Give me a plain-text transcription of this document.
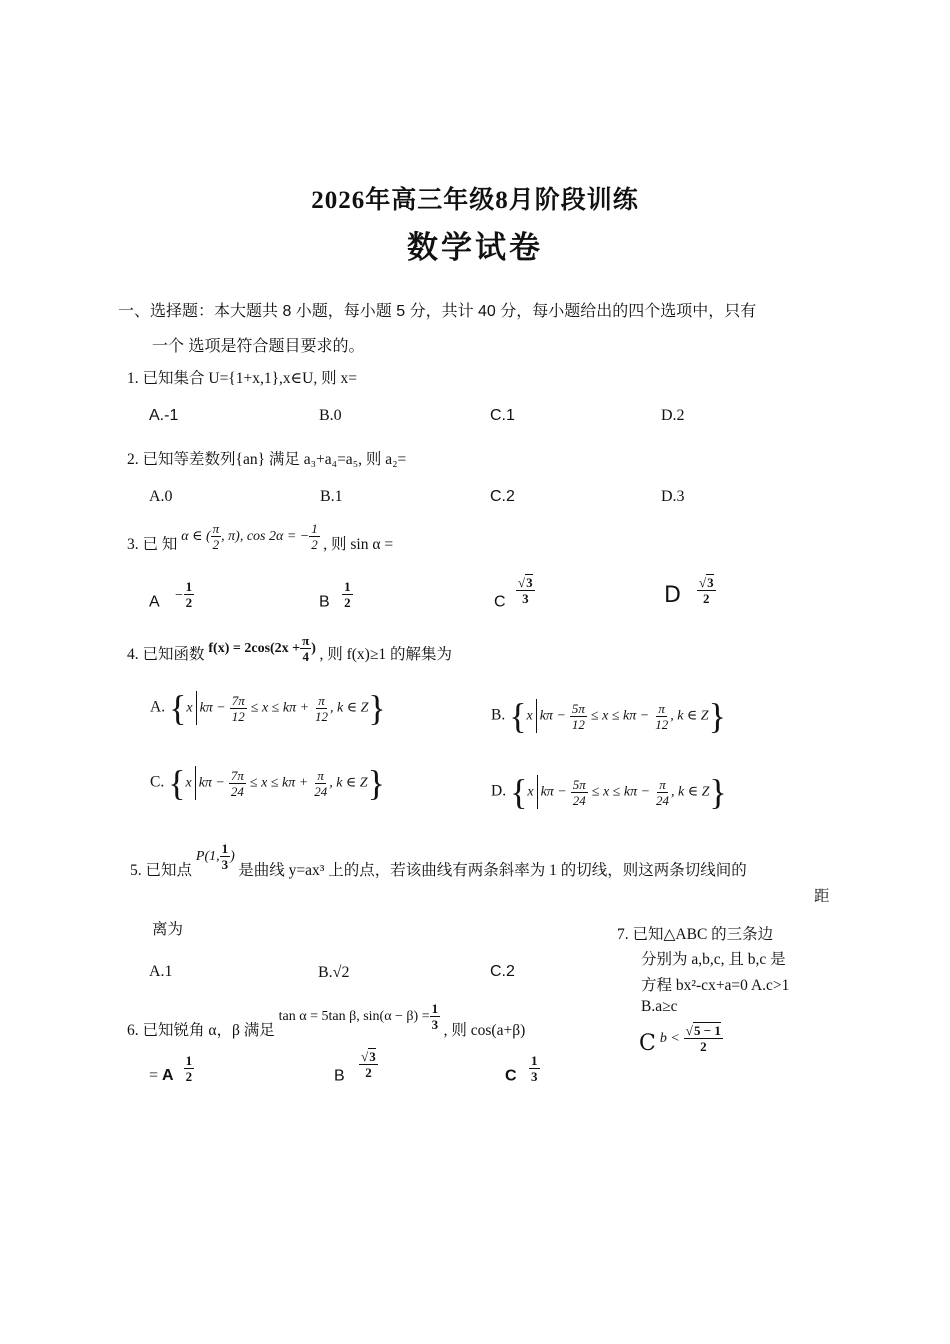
2026年高三年级8月阶段训练
数学试卷
一、选择题：本大题共 8 小题，每小题 5 分，共计 40 分，每小题给出的四个选项中，只有
一个 选项是符合题目要求的。
1. 已知集合 U={1+x,1},x∈U, 则 x=
A.-1	B.0	C.1	D.2
2. 已知等差数列{an} 满足 a₃+a₄=a₅, 则 a₂=
A.0	B.1	C.2	D.3
3. 已 知 α ∈ ( $\frac{\pi}{2}$ , π), cos 2α = − $\frac{1}{2}$ , 则 sin α =
$A - \frac{1}{2}$	B $\frac{1}{2}$	C $\frac{√3}{3}$	D $\frac{√3}{2}$
4. 已知函数 $f(x) = 2\cos(2x + \frac{\pi}{4}$ ) , 则 f(x)≥1 的解集为
A. {x $k\pi - \frac{7\pi}{12} \le x \le k\pi + \frac{\pi}{12}$ , k ∈ Z}	B. {x $k\pi - \frac{5\pi}{12} \le x \le k\pi - \frac{\pi}{12}$ , k ∈ Z}
C. {x $k\pi - \frac{7\pi}{24} \le x \le k\pi + \frac{\pi}{24}$ , k ∈ Z}	D. {x $k\pi - \frac{5\pi}{24} \le x \le k\pi - \frac{\pi}{24}$ , k ∈ Z}
5. 已知点 P(1, $\frac{1}{3}$ ) 是曲线 y=ax³ 上的点，若该曲线有两条斜率为 1 的切线，则这两条切线间的
距
离为
A.1	B.√2	C.2
6. 已知锐角 α，β 满足 tan α = 5tan β, $\sin(\alpha - \beta) = \frac{1}{3}$ , 则 cos(a+β)
= A $\frac{1}{2}$	B $\frac{√3}{2}$	C $\frac{1}{3}$
7. 已知△ABC 的三条边
分别为 a,b,c, 且 b,c 是
方程 bx²-cx+a=0 A.c>1
B.a≥c
C $b < \frac{√5 - 1}{2}$
